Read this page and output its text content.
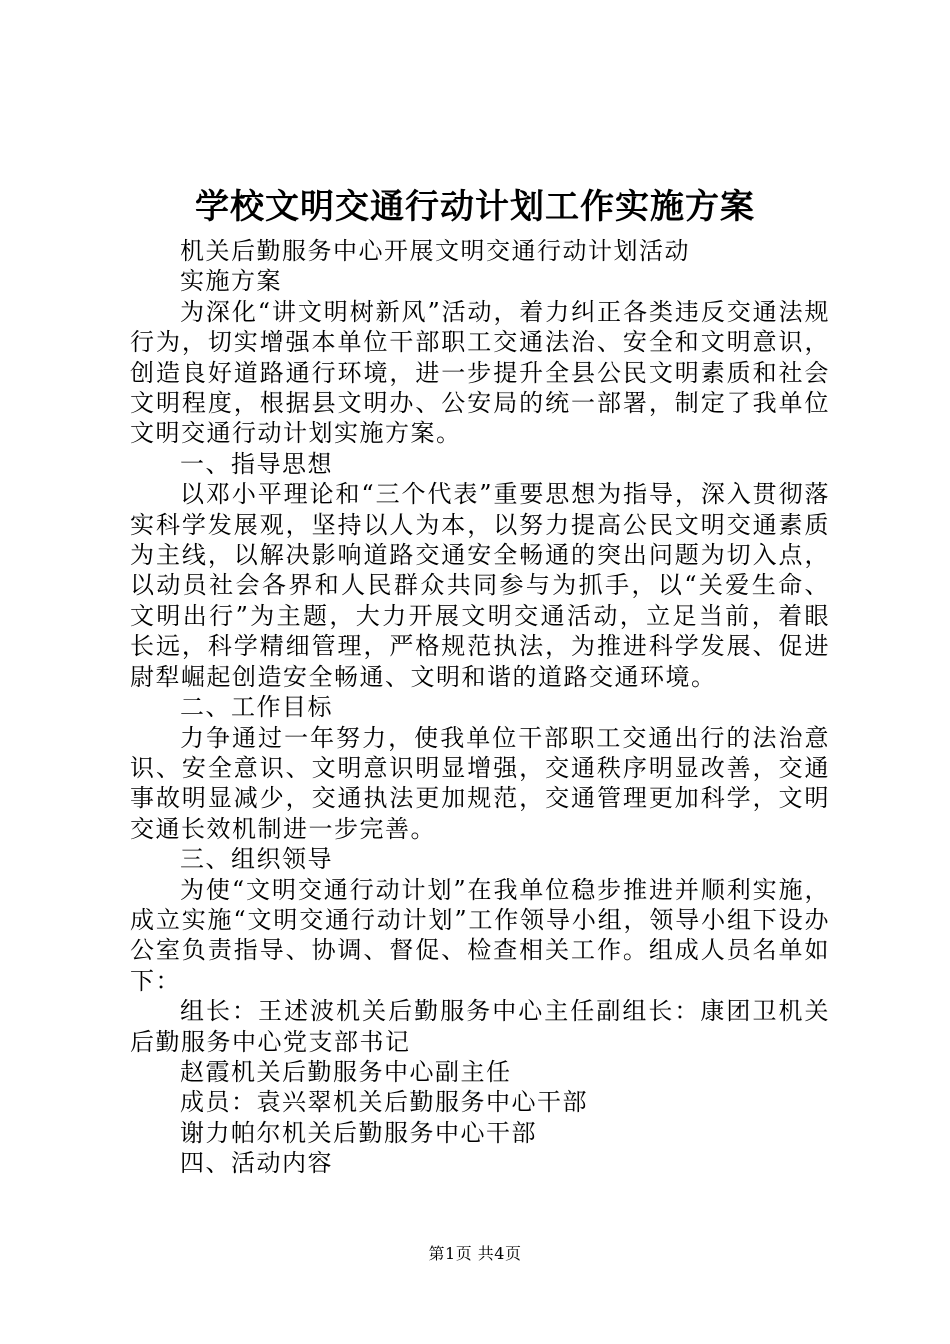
学校文明交通行动计划工作实施方案

机关后勤服务中心开展文明交通行动计划活动

实施方案

为深化“讲文明树新风”活动，着力纠正各类违反交通法规行为，切实增强本单位干部职工交通法治、安全和文明意识，创造良好道路通行环境，进一步提升全县公民文明素质和社会文明程度，根据县文明办、公安局的统一部署，制定了我单位文明交通行动计划实施方案。

一、指导思想

以邓小平理论和“三个代表”重要思想为指导，深入贯彻落实科学发展观，坚持以人为本，以努力提高公民文明交通素质为主线，以解决影响道路交通安全畅通的突出问题为切入点，以动员社会各界和人民群众共同参与为抓手，以“关爱生命、文明出行”为主题，大力开展文明交通活动，立足当前，着眼长远，科学精细管理，严格规范执法，为推进科学发展、促进尉犁崛起创造安全畅通、文明和谐的道路交通环境。

二、工作目标

力争通过一年努力，使我单位干部职工交通出行的法治意识、安全意识、文明意识明显增强，交通秩序明显改善，交通事故明显减少，交通执法更加规范，交通管理更加科学，文明交通长效机制进一步完善。

三、组织领导

为使“文明交通行动计划”在我单位稳步推进并顺利实施，成立实施“文明交通行动计划”工作领导小组，领导小组下设办公室负责指导、协调、督促、检查相关工作。组成人员名单如下：

组长：王述波机关后勤服务中心主任副组长：康团卫机关后勤服务中心党支部书记

赵霞机关后勤服务中心副主任

成员：袁兴翠机关后勤服务中心干部

谢力帕尔机关后勤服务中心干部

四、活动内容

第1页 共4页
